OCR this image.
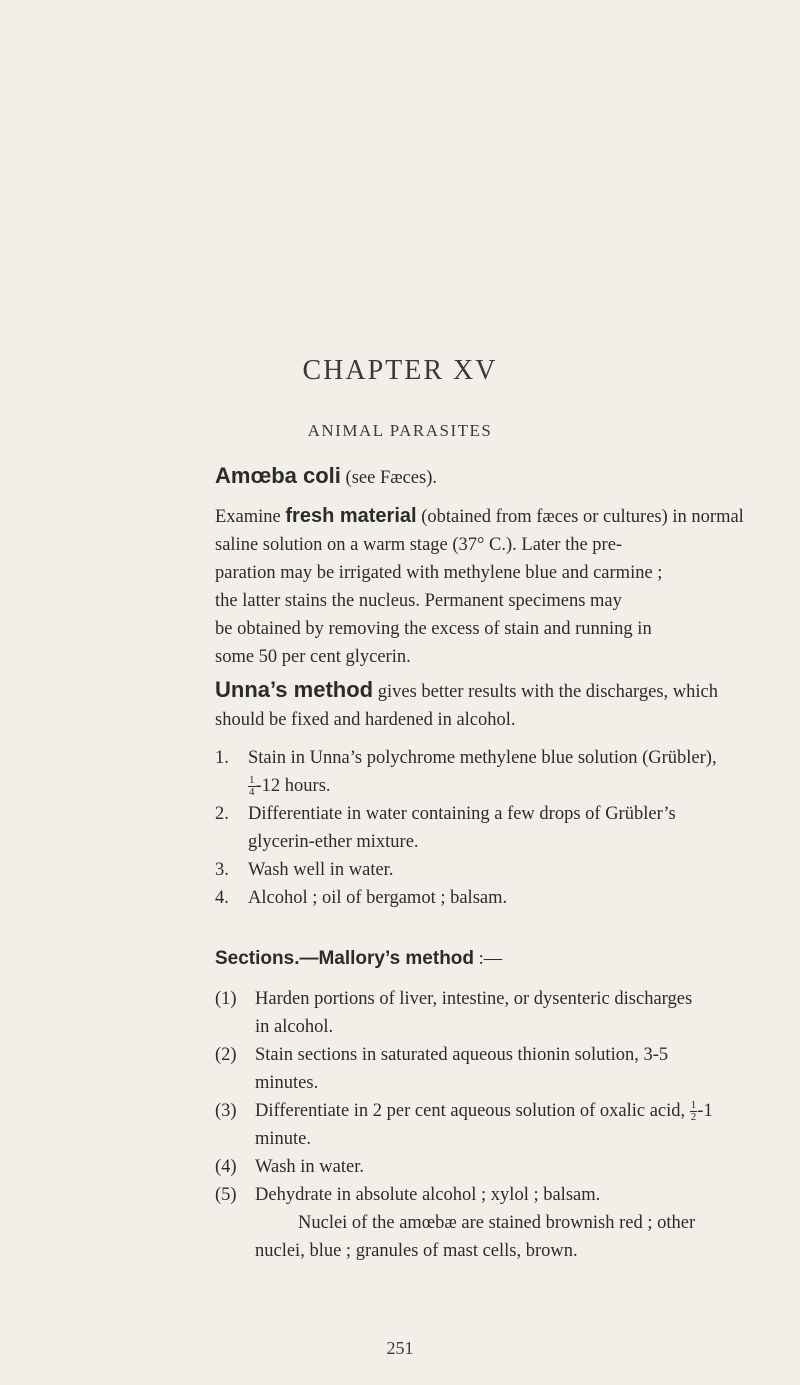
CHAPTER XV
ANIMAL PARASITES

Amœba coli (see Fæces).

Examine fresh material (obtained from fæces or cultures) in normal

saline solution on a warm stage (37° C.). Later the pre-

paration may be irrigated with methylene blue and carmine ;

the latter stains the nucleus. Permanent specimens may

be obtained by removing the excess of stain and running in

some 50 per cent glycerin.

Unna’s method gives better results with the discharges, which

should be fixed and hardened in alcohol.

1.	Stain in Unna’s polychrome methylene blue solution (Grübler),
$\frac{1}{4} -12$ hours.
2.	Differentiate in water containing a few drops of Grübler’s
glycerin-ether mixture.
3.	Wash well in water.
4.	Alcohol ; oil of bergamot ; balsam.

Sections.—Mallory’s method :—

(1) Harden portions of liver, intestine, or dysenteric discharges
in alcohol.
(2) Stain sections in saturated aqueous thionin solution, 3-5
minutes.
(3) Differentiate in 2 per cent aqueous solution of oxalic acid, $\frac{1}{2} -1$
minute.
(4) Wash in water.
(5) Dehydrate in absolute alcohol ; xylol ; balsam.

Nuclei of the amœbæ are stained brownish red ; other

nuclei, blue ; granules of mast cells, brown.

251
